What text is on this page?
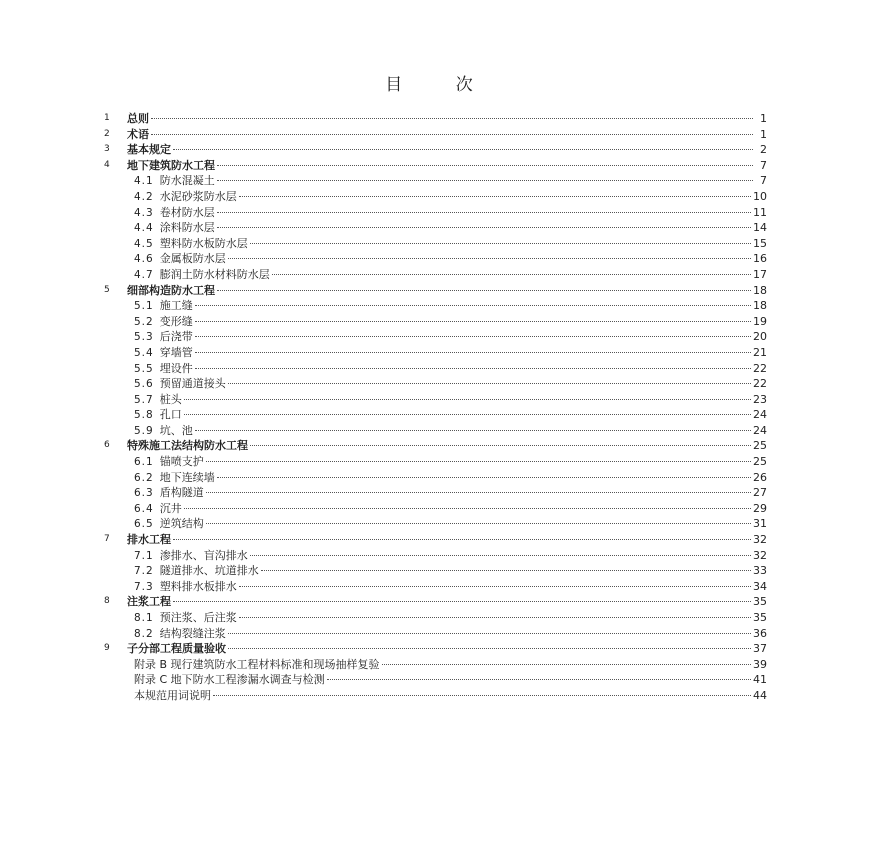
目 次
1	总则	1
2	术语	1
3	基本规定	2
4	地下建筑防水工程	7
4.1 防水混凝土	7
4.2 水泥砂浆防水层	10
4.3 卷材防水层	11
4.4 涂料防水层	14
4.5 塑料防水板防水层	15
4.6 金属板防水层	16
4.7 膨润土防水材料防水层	17
5	细部构造防水工程	18
5.1 施工缝	18
5.2 变形缝	19
5.3 后浇带	20
5.4 穿墙管	21
5.5 埋设件	22
5.6 预留通道接头	22
5.7 桩头	23
5.8 孔口	24
5.9 坑、池	24
6	特殊施工法结构防水工程	25
6.1 锚喷支护	25
6.2 地下连续墙	26
6.3 盾构隧道	27
6.4 沉井	29
6.5 逆筑结构	31
7	排水工程	32
7.1 渗排水、盲沟排水	32
7.2 隧道排水、坑道排水	33
7.3 塑料排水板排水	34
8	注浆工程	35
8.1 预注浆、后注浆	35
8.2 结构裂缝注浆	36
9	子分部工程质量验收	37
附录 B 现行建筑防水工程材料标准和现场抽样复验	39
附录 C 地下防水工程渗漏水调查与检测	41
本规范用词说明	44
